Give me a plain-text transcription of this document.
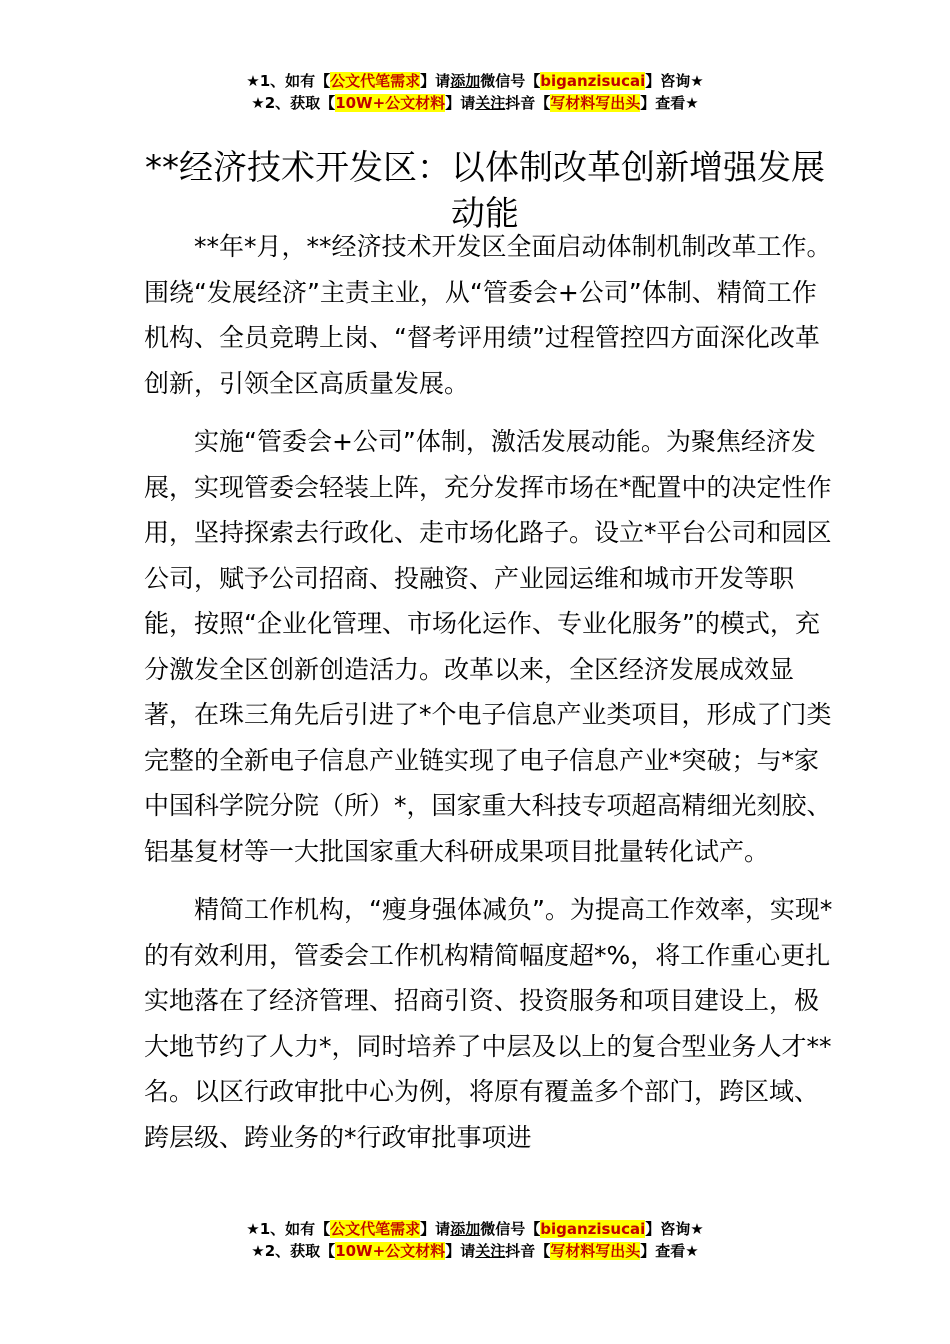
★1、如有【公文代笔需求】请添加微信号【biganzisucai】咨询★
★2、获取【10W+公文材料】请关注抖音【写材料写出头】查看★
**经济技术开发区：以体制改革创新增强发展动能

**年*月，**经济技术开发区全面启动体制机制改革工作。围绕“发展经济”主责主业，从“管委会+公司”体制、精简工作机构、全员竞聘上岗、“督考评用绩”过程管控四方面深化改革创新，引领全区高质量发展。

实施“管委会+公司”体制，激活发展动能。为聚焦经济发展，实现管委会轻装上阵，充分发挥市场在*配置中的决定性作用，坚持探索去行政化、走市场化路子。设立*平台公司和园区公司，赋予公司招商、投融资、产业园运维和城市开发等职能，按照“企业化管理、市场化运作、专业化服务”的模式，充分激发全区创新创造活力。改革以来，全区经济发展成效显著，在珠三角先后引进了*个电子信息产业类项目，形成了门类完整的全新电子信息产业链实现了电子信息产业*突破；与*家中国科学院分院（所）*，国家重大科技专项超高精细光刻胶、铝基复材等一大批国家重大科研成果项目批量转化试产。

精简工作机构，“瘦身强体减负”。为提高工作效率，实现*的有效利用，管委会工作机构精简幅度超*%，将工作重心更扎实地落在了经济管理、招商引资、投资服务和项目建设上，极大地节约了人力*，同时培养了中层及以上的复合型业务人才**名。以区行政审批中心为例，将原有覆盖多个部门，跨区域、跨层级、跨业务的*行政审批事项进

★1、如有【公文代笔需求】请添加微信号【biganzisucai】咨询★
★2、获取【10W+公文材料】请关注抖音【写材料写出头】查看★
